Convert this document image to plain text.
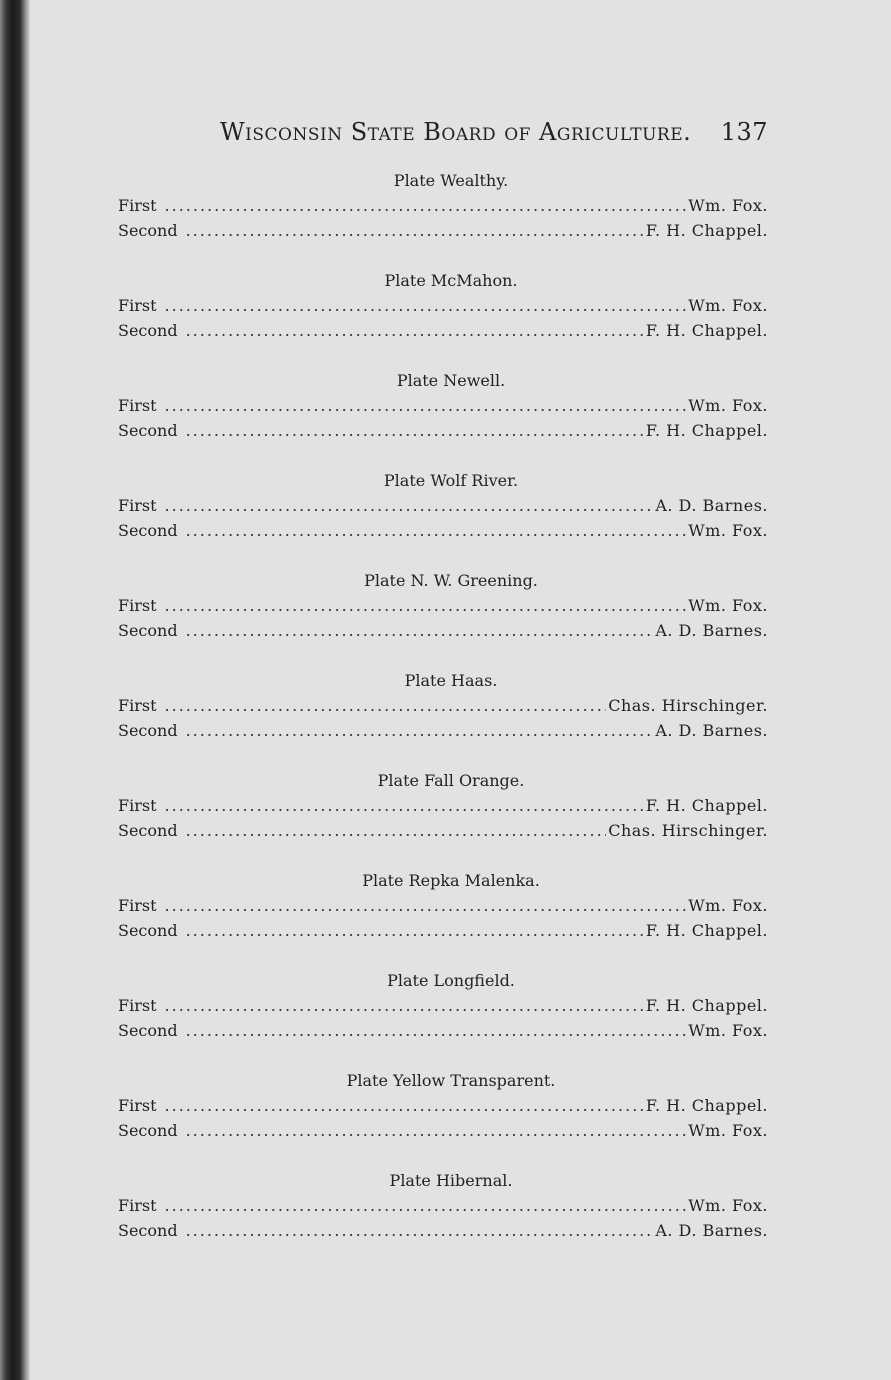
Wisconsin State Board of Agriculture. 137
Plate Wealthy.
First .....	Wm. Fox.
Second .....	F. H. Chappel.
Plate McMahon.
First .....	Wm. Fox.
Second .....	F. H. Chappel.
Plate Newell.
First .....	Wm. Fox.
Second .....	F. H. Chappel.
Plate Wolf River.
First .....	A. D. Barnes.
Second .....	Wm. Fox.
Plate N. W. Greening.
First .....	Wm. Fox.
Second .....	A. D. Barnes.
Plate Haas.
First .....	Chas. Hirschinger.
Second .....	A. D. Barnes.
Plate Fall Orange.
First .....	F. H. Chappel.
Second .....	Chas. Hirschinger.
Plate Repka Malenka.
First .....	Wm. Fox.
Second .....	F. H. Chappel.
Plate Longfield.
First .....	F. H. Chappel.
Second .....	Wm. Fox.
Plate Yellow Transparent.
First .....	F. H. Chappel.
Second .....	Wm. Fox.
Plate Hibernal.
First .....	Wm. Fox.
Second .....	A. D. Barnes.
